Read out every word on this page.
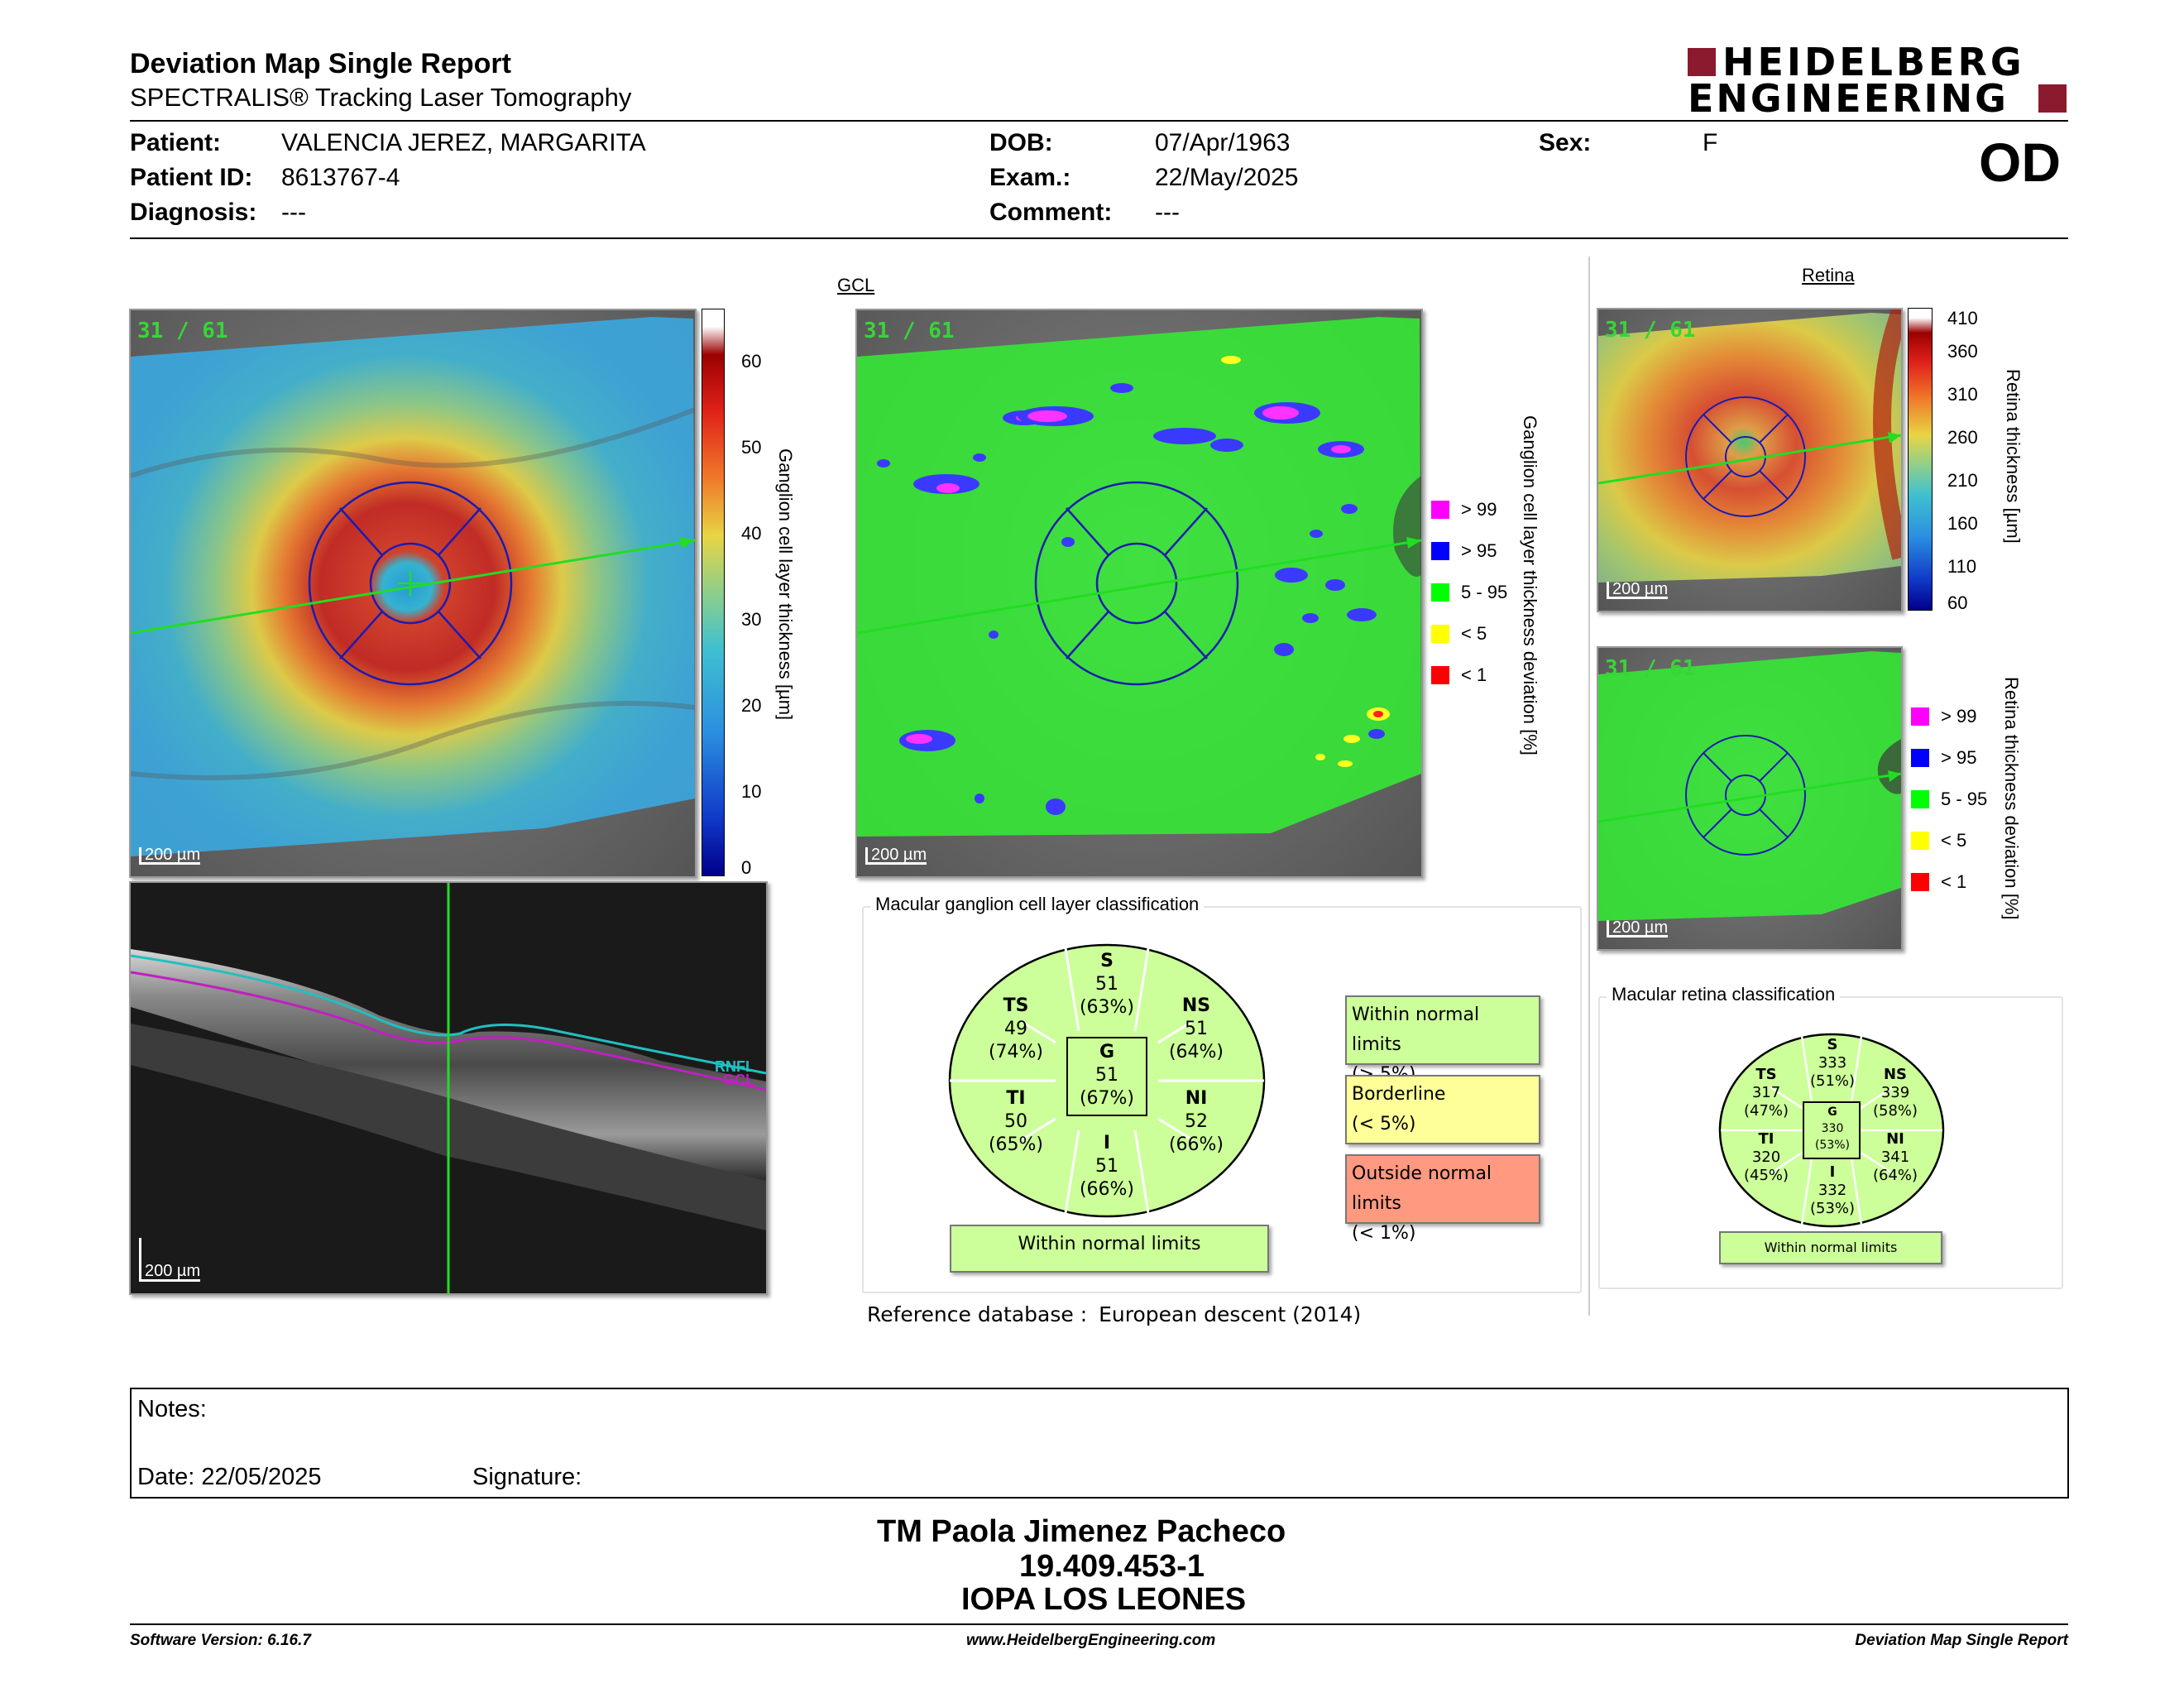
Deviation Map Single Report
SPECTRALIS® Tracking Laser Tomography
HEIDELBERG
ENGINEERING
Patient: VALENCIA JEREZ, MARGARITA
Patient ID: 8613767-4
Diagnosis: ---
DOB:	07/Apr/1963
Exam.:	22/May/2025
Comment: ---
Sex:	F	OD
31 / 61
200 µm
60
50
40
30
20
10
0
Ganglion cell layer thickness [µm]
GCL
31 / 61
200 µm
> 99
> 95
5 - 95
< 5
< 1 Ganglion cell layer thickness deviation [%]
RNFL
GCL
200 µm
Retina
31 / 61
200 µm
410
360
310
260
210
160
110
60
Retina thickness [µm]
31 / 61
200 µm
> 99
> 95
5 - 95
< 5
< 1 Retina thickness deviation [%]
Macular ganglion cell layer classification
S
51
(63%)
TS
49
(74%)
NS
51
(64%)
G
51
(67%)
TI
50
(65%)
NI
52
(66%)
I
51
(66%)
Within normal limits
Within normal limits
Borderline
(< 5%)
Outside normal limits
(< 1%)
Macular retina classification
S
333
(51%)
TS
317
(47%)
NS
339
(58%)
G
330
(53%)
TI
320
(45%)
NI
341
(64%)
I
332
(53%)
Within normal limits
Reference database : European descent (2014)
Notes:
Date: 22/05/2025	Signature:
TM Paola Jimenez Pacheco
19.409.453-1
IOPA LOS LEONES
Software Version: 6.16.7	www.HeidelbergEngineering.com	Deviation Map Single Report
